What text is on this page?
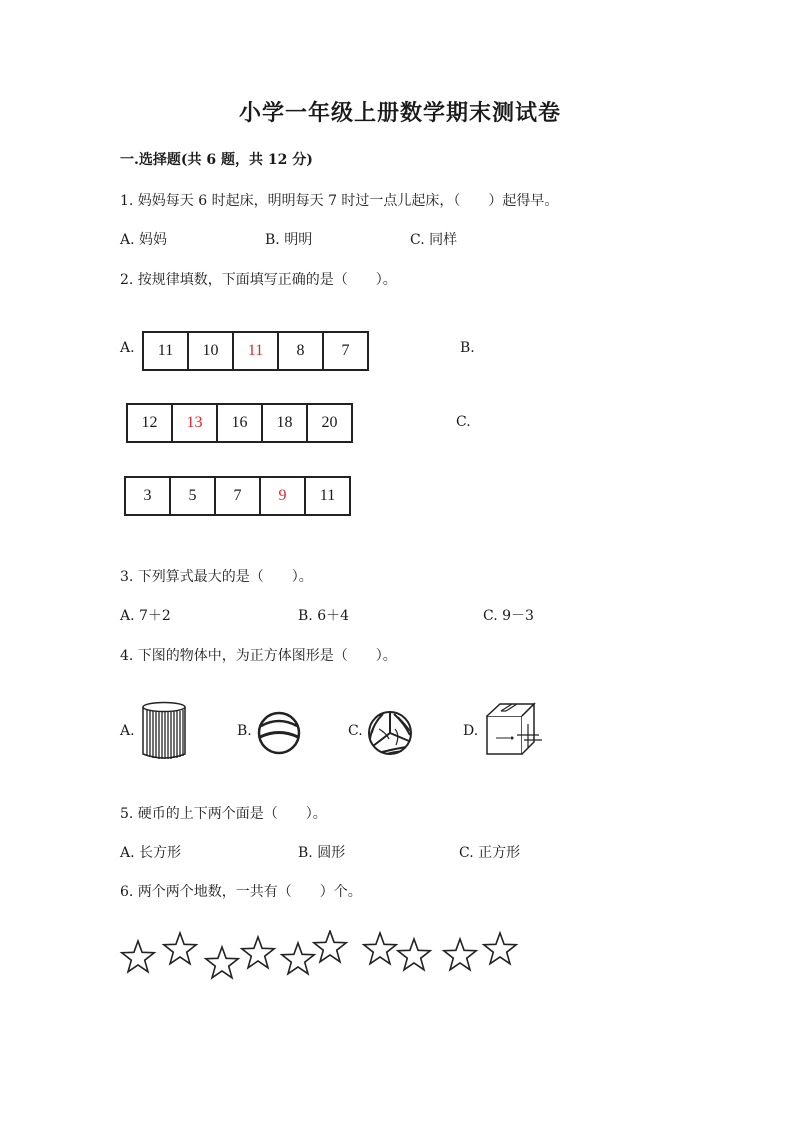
小学一年级上册数学期末测试卷
一.选择题(共 6 题，共 12 分)
1. 妈妈每天 6 时起床，明明每天 7 时过一点儿起床，（　　）起得早。
A. 妈妈	B. 明明	C. 同样
2. 按规律填数，下面填写正确的是（　　）。
A.	B.
C.
11	10	11	8	7
12	13	16	18	20
3	5	7	9	11
3. 下列算式最大的是（　　）。
A. 7＋2	B. 6＋4	C. 9－3
4. 下图的物体中，为正方体图形是（　　）。
A.	B.	C.	D.
5. 硬币的上下两个面是（　　）。
A. 长方形	B. 圆形	C. 正方形
6. 两个两个地数，一共有（　　）个。
